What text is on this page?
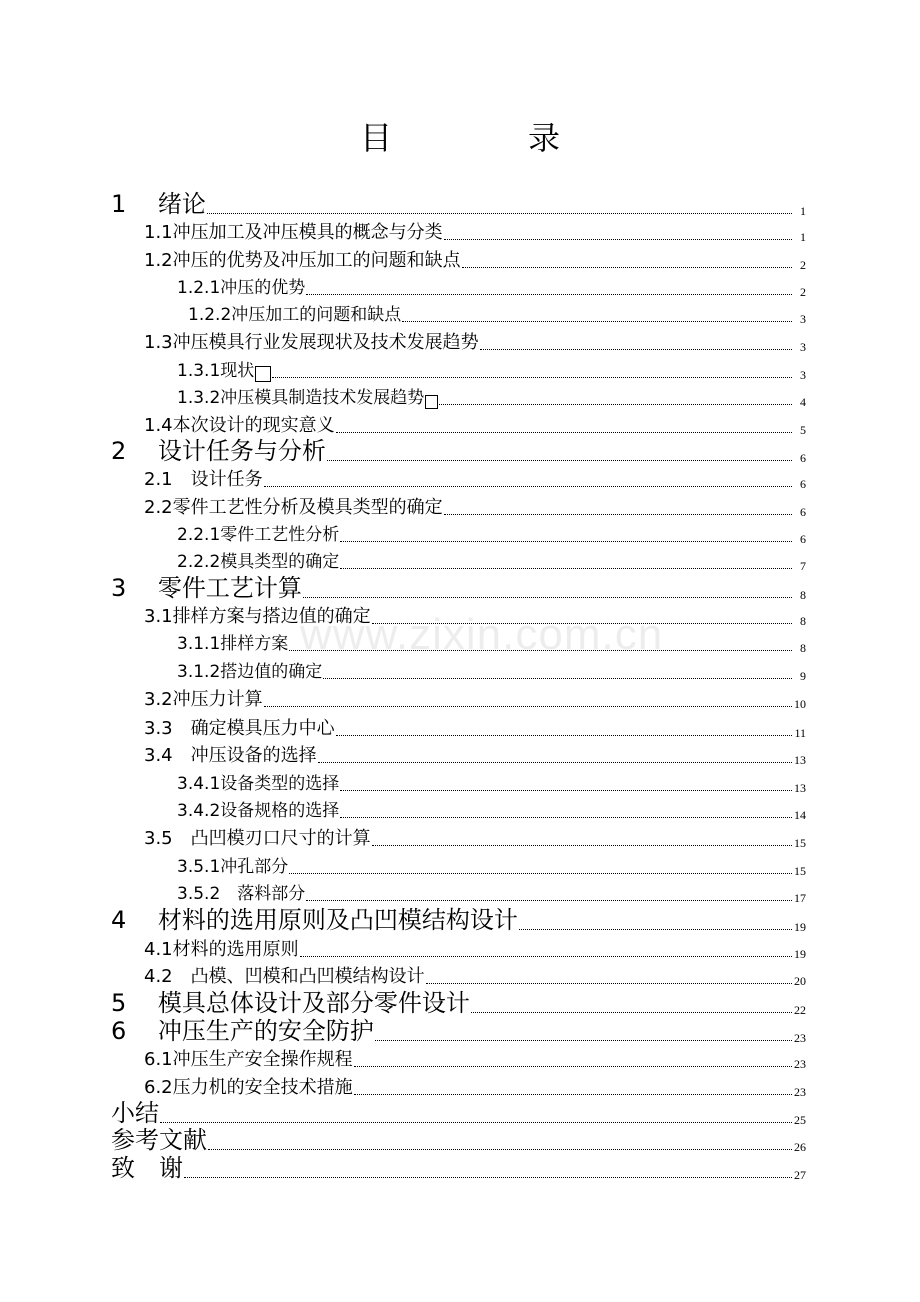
www.zixin.com.cn
目　录
1　 绪论	1
1.1冲压加工及冲压模具的概念与分类	1
1.2冲压的优势及冲压加工的问题和缺点	2
1.2.1冲压的优势	2
1.2.2冲压加工的问题和缺点	3
1.3冲压模具行业发展现状及技术发展趋势	3
1.3.1现状	3
1.3.2冲压模具制造技术发展趋势	4
1.4本次设计的现实意义	5
2　 设计任务与分析	6
2.1　设计任务	6
2.2零件工艺性分析及模具类型的确定	6
2.2.1零件工艺性分析	6
2.2.2模具类型的确定	7
3　 零件工艺计算	8
3.1排样方案与搭边值的确定	8
3.1.1排样方案	8
3.1.2搭边值的确定	9
3.2冲压力计算	10
3.3　确定模具压力中心	11
3.4　冲压设备的选择	13
3.4.1设备类型的选择	13
3.4.2设备规格的选择	14
3.5　凸凹模刃口尺寸的计算	15
3.5.1冲孔部分	15
3.5.2　落料部分	17
4　 材料的选用原则及凸凹模结构设计	19
4.1材料的选用原则	19
4.2　凸模、凹模和凸凹模结构设计	20
5　 模具总体设计及部分零件设计	22
6　 冲压生产的安全防护	23
6.1冲压生产安全操作规程	23
6.2压力机的安全技术措施	23
小结	25
参考文献	26
致　谢	27
